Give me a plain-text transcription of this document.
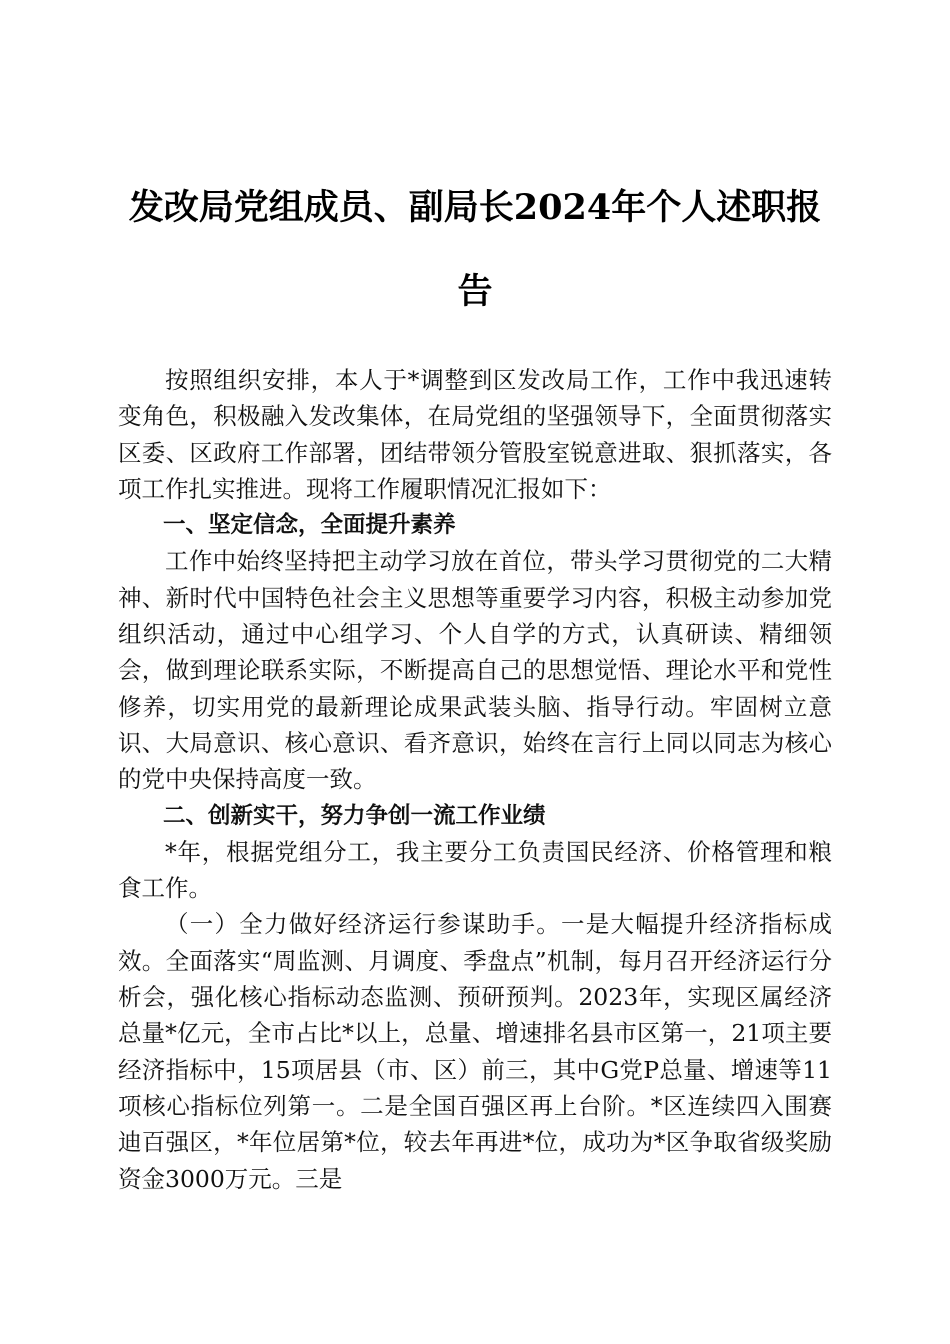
发改局党组成员、副局长2024年个人述职报告

按照组织安排，本人于*调整到区发改局工作，工作中我迅速转变角色，积极融入发改集体，在局党组的坚强领导下，全面贯彻落实区委、区政府工作部署，团结带领分管股室锐意进取、狠抓落实，各项工作扎实推进。现将工作履职情况汇报如下：

一、坚定信念，全面提升素养

工作中始终坚持把主动学习放在首位，带头学习贯彻党的二大精神、新时代中国特色社会主义思想等重要学习内容，积极主动参加党组织活动，通过中心组学习、个人自学的方式，认真研读、精细领会，做到理论联系实际，不断提高自己的思想觉悟、理论水平和党性修养，切实用党的最新理论成果武装头脑、指导行动。牢固树立意识、大局意识、核心意识、看齐意识，始终在言行上同以同志为核心的党中央保持高度一致。

二、创新实干，努力争创一流工作业绩

*年，根据党组分工，我主要分工负责国民经济、价格管理和粮食工作。

（一）全力做好经济运行参谋助手。一是大幅提升经济指标成效。全面落实“周监测、月调度、季盘点”机制，每月召开经济运行分析会，强化核心指标动态监测、预研预判。2023年，实现区属经济总量*亿元，全市占比*以上，总量、增速排名县市区第一，21项主要经济指标中，15项居县（市、区）前三，其中G党P总量、增速等11项核心指标位列第一。二是全国百强区再上台阶。*区连续四入围赛迪百强区，*年位居第*位，较去年再进*位，成功为*区争取省级奖励资金3000万元。三是
